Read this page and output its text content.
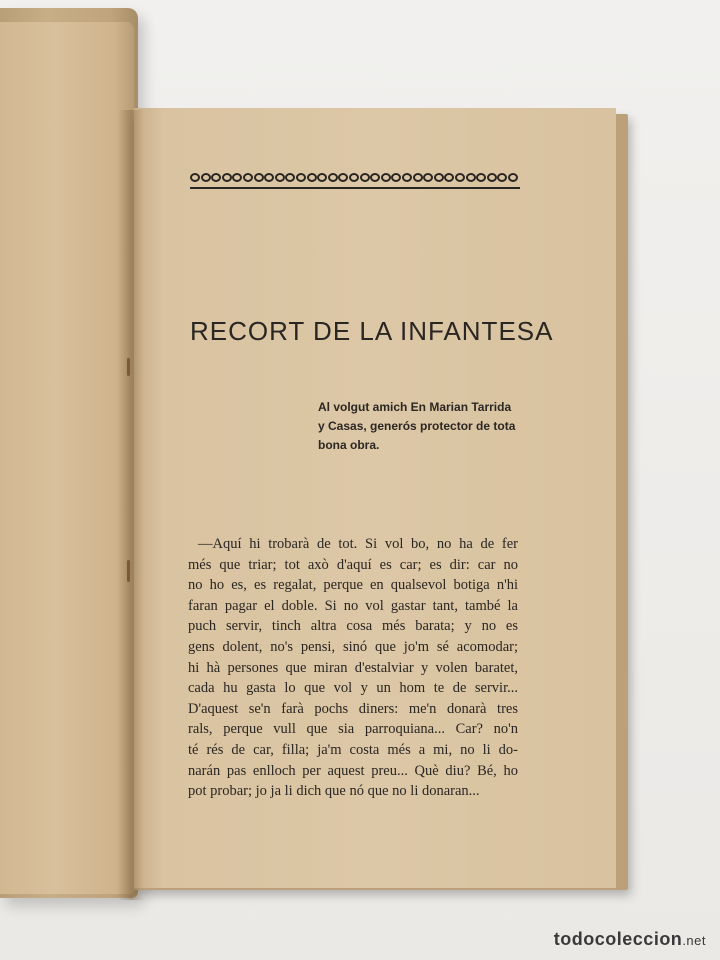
RECORT DE LA INFANTESA
Al volgut amich En Marian Tarrida
y Casas, generós protector de tota
bona obra.
—Aquí hi trobarà de tot. Si vol bo, no ha de fer
més que triar; tot axò d'aquí es car; es dir: car no
no ho es, es regalat, perque en qualsevol botiga n'hi
faran pagar el doble. Si no vol gastar tant, també la
puch servir, tinch altra cosa més barata; y no es
gens dolent, no's pensi, sinó que jo'm sé acomodar;
hi hà persones que miran d'estalviar y volen baratet,
cada hu gasta lo que vol y un hom te de servir...
D'aquest se'n farà pochs diners: me'n donarà tres
rals, perque vull que sia parroquiana... Car? no'n
té rés de car, filla; ja'm costa més a mi, no li do-
narán pas enlloch per aquest preu... Què diu? Bé, ho
pot probar; jo ja li dich que nó que no li donaran...
todocoleccion.net
